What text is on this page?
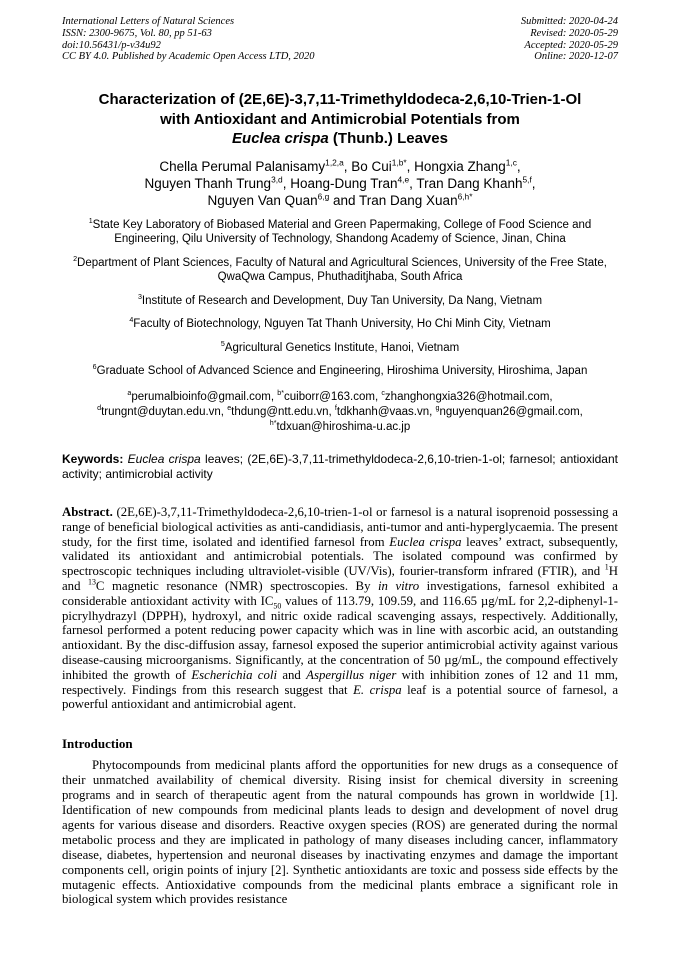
International Letters of Natural Sciences
ISSN: 2300-9675, Vol. 80, pp 51-63
doi:10.56431/p-v34u92
CC BY 4.0. Published by Academic Open Access LTD, 2020
Submitted: 2020-04-24
Revised: 2020-05-29
Accepted: 2020-05-29
Online: 2020-12-07
Characterization of (2E,6E)-3,7,11-Trimethyldodeca-2,6,10-Trien-1-Ol
with Antioxidant and Antimicrobial Potentials from
Euclea crispa (Thunb.) Leaves

Chella Perumal Palanisamy$^{1,2,a}$, Bo Cui$^{1,b*}$, Hongxia Zhang$^{1,c}$,
Nguyen Thanh Trung$^{3,d}$, Hoang-Dung Tran$^{4,e}$, Tran Dang Khanh$^{5,f}$,
Nguyen Van Quan$^{6,g}$ and Tran Dang Xuan$^{6,h*}$

$^1$State Key Laboratory of Biobased Material and Green Papermaking, College of Food Science and Engineering, Qilu University of Technology, Shandong Academy of Science, Jinan, China

$^2$Department of Plant Sciences, Faculty of Natural and Agricultural Sciences, University of the Free State, QwaQwa Campus, Phuthaditjhaba, South Africa

$^3$Institute of Research and Development, Duy Tan University, Da Nang, Vietnam

$^4$Faculty of Biotechnology, Nguyen Tat Thanh University, Ho Chi Minh City, Vietnam

$^5$Agricultural Genetics Institute, Hanoi, Vietnam

$^6$Graduate School of Advanced Science and Engineering, Hiroshima University, Hiroshima, Japan

$^a$perumalbioinfo@gmail.com, $^{b*}$cuiborr@163.com, $^c$zhanghongxia326@hotmail.com,
$^d$trungnt@duytan.edu.vn, $^e$thdung@ntt.edu.vn, $^f$tdkhanh@vaas.vn, $^g$nguyenquan26@gmail.com,
$^{h*}$tdxuan@hiroshima-u.ac.jp

Keywords: Euclea crispa leaves; (2E,6E)-3,7,11-trimethyldodeca-2,6,10-trien-1-ol; farnesol; antioxidant activity; antimicrobial activity

Abstract. (2E,6E)-3,7,11-Trimethyldodeca-2,6,10-trien-1-ol or farnesol is a natural isoprenoid possessing a range of beneficial biological activities as anti-candidiasis, anti-tumor and anti-hyperglycaemia. The present study, for the first time, isolated and identified farnesol from Euclea crispa leaves’ extract, subsequently, validated its antioxidant and antimicrobial potentials. The isolated compound was confirmed by spectroscopic techniques including ultraviolet-visible (UV/Vis), fourier-transform infrared (FTIR), and $^1$H and $^{13}$C magnetic resonance (NMR) spectroscopies. By in vitro investigations, farnesol exhibited a considerable antioxidant activity with $IC_{50}$ values of 113.79, 109.59, and 116.65 µg/mL for 2,2-diphenyl-1-picrylhydrazyl (DPPH), hydroxyl, and nitric oxide radical scavenging assays, respectively. Additionally, farnesol performed a potent reducing power capacity which was in line with ascorbic acid, an outstanding antioxidant. By the disc-diffusion assay, farnesol exposed the superior antimicrobial activity against various disease-causing microorganisms. Significantly, at the concentration of 50 µg/mL, the compound effectively inhibited the growth of Escherichia coli and Aspergillus niger with inhibition zones of 12 and 11 mm, respectively. Findings from this research suggest that E. crispa leaf is a potential source of farnesol, a powerful antioxidant and antimicrobial agent.

Introduction

Phytocompounds from medicinal plants afford the opportunities for new drugs as a consequence of their unmatched availability of chemical diversity. Rising insist for chemical diversity in screening programs and in search of therapeutic agent from the natural compounds has grown in worldwide [1]. Identification of new compounds from medicinal plants leads to design and development of novel drug agents for various disease and disorders. Reactive oxygen species (ROS) are generated during the normal metabolic process and they are implicated in pathology of many diseases including cancer, inflammatory disease, diabetes, hypertension and neuronal diseases by inactivating enzymes and damage the important components cell, origin points of injury [2]. Synthetic antioxidants are toxic and possess side effects by the mutagenic effects. Antioxidative compounds from the medicinal plants embrace a significant role in biological system which provides resistance
